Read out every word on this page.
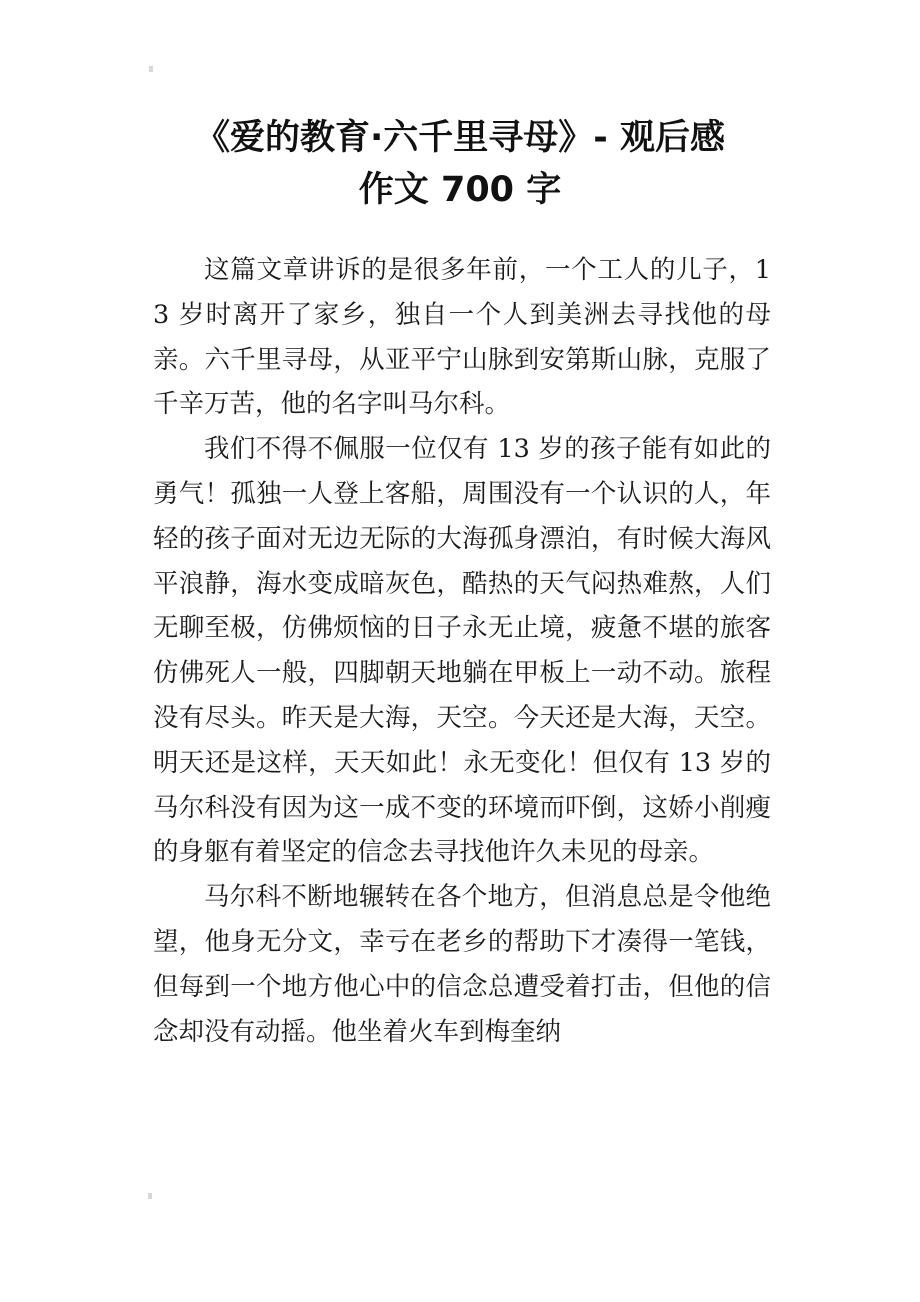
《爱的教育·六千里寻母》- 观后感
作文 700 字

这篇文章讲诉的是很多年前，一个工人的儿子，13 岁时离开了家乡，独自一个人到美洲去寻找他的母亲。六千里寻母，从亚平宁山脉到安第斯山脉，克服了千辛万苦，他的名字叫马尔科。

我们不得不佩服一位仅有 13 岁的孩子能有如此的勇气！孤独一人登上客船，周围没有一个认识的人，年轻的孩子面对无边无际的大海孤身漂泊，有时候大海风平浪静，海水变成暗灰色，酷热的天气闷热难熬，人们无聊至极，仿佛烦恼的日子永无止境，疲惫不堪的旅客仿佛死人一般，四脚朝天地躺在甲板上一动不动。旅程没有尽头。昨天是大海，天空。今天还是大海，天空。明天还是这样，天天如此！永无变化！但仅有 13 岁的马尔科没有因为这一成不变的环境而吓倒，这娇小削瘦的身躯有着坚定的信念去寻找他许久未见的母亲。

马尔科不断地辗转在各个地方，但消息总是令他绝望，他身无分文，幸亏在老乡的帮助下才凑得一笔钱，但每到一个地方他心中的信念总遭受着打击，但他的信念却没有动摇。他坐着火车到梅奎纳
